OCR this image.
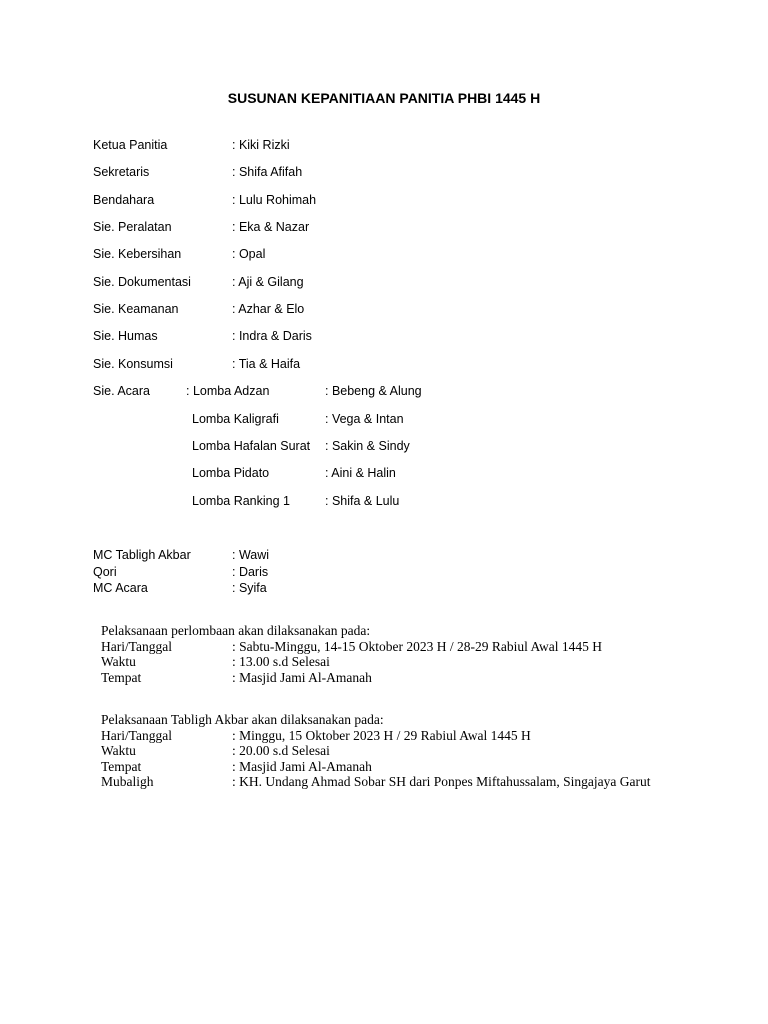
SUSUNAN KEPANITIAAN PANITIA PHBI 1445 H
Ketua Panitia	: Kiki Rizki
Sekretaris	: Shifa Afifah
Bendahara	: Lulu Rohimah
Sie. Peralatan	: Eka & Nazar
Sie. Kebersihan	: Opal
Sie. Dokumentasi	: Aji & Gilang
Sie. Keamanan	: Azhar & Elo
Sie. Humas	: Indra & Daris
Sie. Konsumsi	: Tia & Haifa
Sie. Acara	: Lomba Adzan	: Bebeng & Alung
Lomba Kaligrafi	: Vega & Intan
Lomba Hafalan Surat : Sakin & Sindy
Lomba Pidato	: Aini & Halin
Lomba Ranking 1	: Shifa & Lulu
MC Tabligh Akbar	: Wawi
Qori	: Daris
MC Acara	: Syifa
Pelaksanaan perlombaan akan dilaksanakan pada:
Hari/Tanggal	: Sabtu-Minggu, 14-15 Oktober 2023 H / 28-29 Rabiul Awal 1445 H
Waktu	: 13.00 s.d Selesai
Tempat	: Masjid Jami Al-Amanah
Pelaksanaan Tabligh Akbar akan dilaksanakan pada:
Hari/Tanggal	: Minggu, 15 Oktober 2023 H / 29 Rabiul Awal 1445 H
Waktu	: 20.00 s.d Selesai
Tempat	: Masjid Jami Al-Amanah
Mubaligh	: KH. Undang Ahmad Sobar SH dari Ponpes Miftahussalam, Singajaya Garut
